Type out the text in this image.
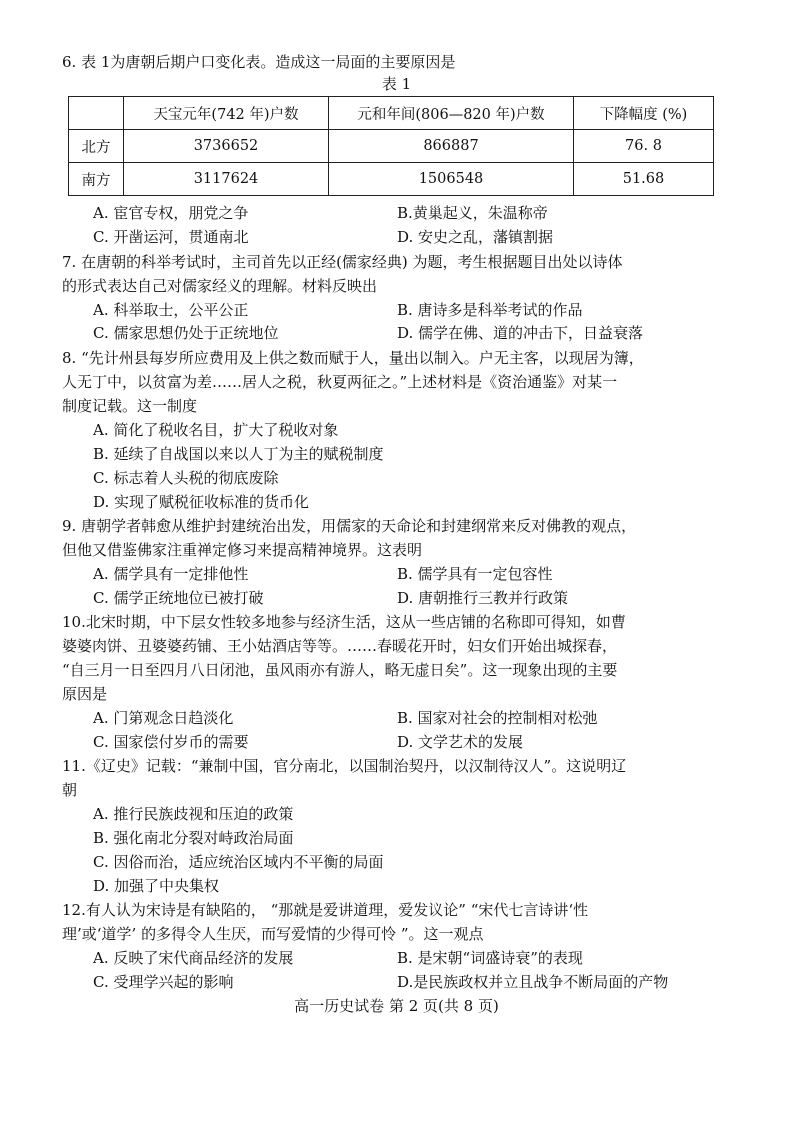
6. 表 1为唐朝后期户口变化表。造成这一局面的主要原因是
表 1
	天宝元年(742 年)户数	元和年间(806—820 年)户数	下降幅度 (%)
北方	3736652	866887	76. 8
南方	3117624	1506548	51.68
A. 宦官专权，朋党之争	B.黄巢起义，朱温称帝
C. 开凿运河，贯通南北	D. 安史之乱，藩镇割据
7. 在唐朝的科举考试时，主司首先以正经(儒家经典) 为题，考生根据题目出处以诗体
的形式表达自己对儒家经义的理解。材料反映出
A. 科举取士，公平公正	B. 唐诗多是科举考试的作品
C. 儒家思想仍处于正统地位	D. 儒学在佛、道的冲击下，日益衰落
8. “先计州县每岁所应费用及上供之数而赋于人，量出以制入。户无主客，以现居为簿，
人无丁中，以贫富为差……居人之税，秋夏两征之。”上述材料是《资治通鉴》对某一
制度记载。这一制度
A. 简化了税收名目，扩大了税收对象
B. 延续了自战国以来以人丁为主的赋税制度
C. 标志着人头税的彻底废除
D. 实现了赋税征收标准的货币化
9. 唐朝学者韩愈从维护封建统治出发，用儒家的天命论和封建纲常来反对佛教的观点，
但他又借鉴佛家注重禅定修习来提高精神境界。这表明
A. 儒学具有一定排他性	B. 儒学具有一定包容性
C. 儒学正统地位已被打破	D. 唐朝推行三教并行政策
10.北宋时期，中下层女性较多地参与经济生活，这从一些店铺的名称即可得知，如曹
婆婆肉饼、丑婆婆药铺、王小姑酒店等等。……春暖花开时，妇女们开始出城探春，
“自三月一日至四月八日闭池，虽风雨亦有游人，略无虚日矣”。这一现象出现的主要
原因是
A. 门第观念日趋淡化	B. 国家对社会的控制相对松弛
C. 国家偿付岁币的需要	D. 文学艺术的发展
11.《辽史》记载：“兼制中国，官分南北，以国制治契丹，以汉制待汉人”。这说明辽
朝
A. 推行民族歧视和压迫的政策
B. 强化南北分裂对峙政治局面
C. 因俗而治，适应统治区域内不平衡的局面
D. 加强了中央集权
12.有人认为宋诗是有缺陷的， “那就是爱讲道理，爱发议论” “宋代七言诗讲‘性
理’或‘道学’ 的多得令人生厌，而写爱情的少得可怜 ”。这一观点
A. 反映了宋代商品经济的发展	B. 是宋朝“词盛诗衰”的表现
C. 受理学兴起的影响	D.是民族政权并立且战争不断局面的产物
高一历史试卷 第 2 页(共 8 页)
